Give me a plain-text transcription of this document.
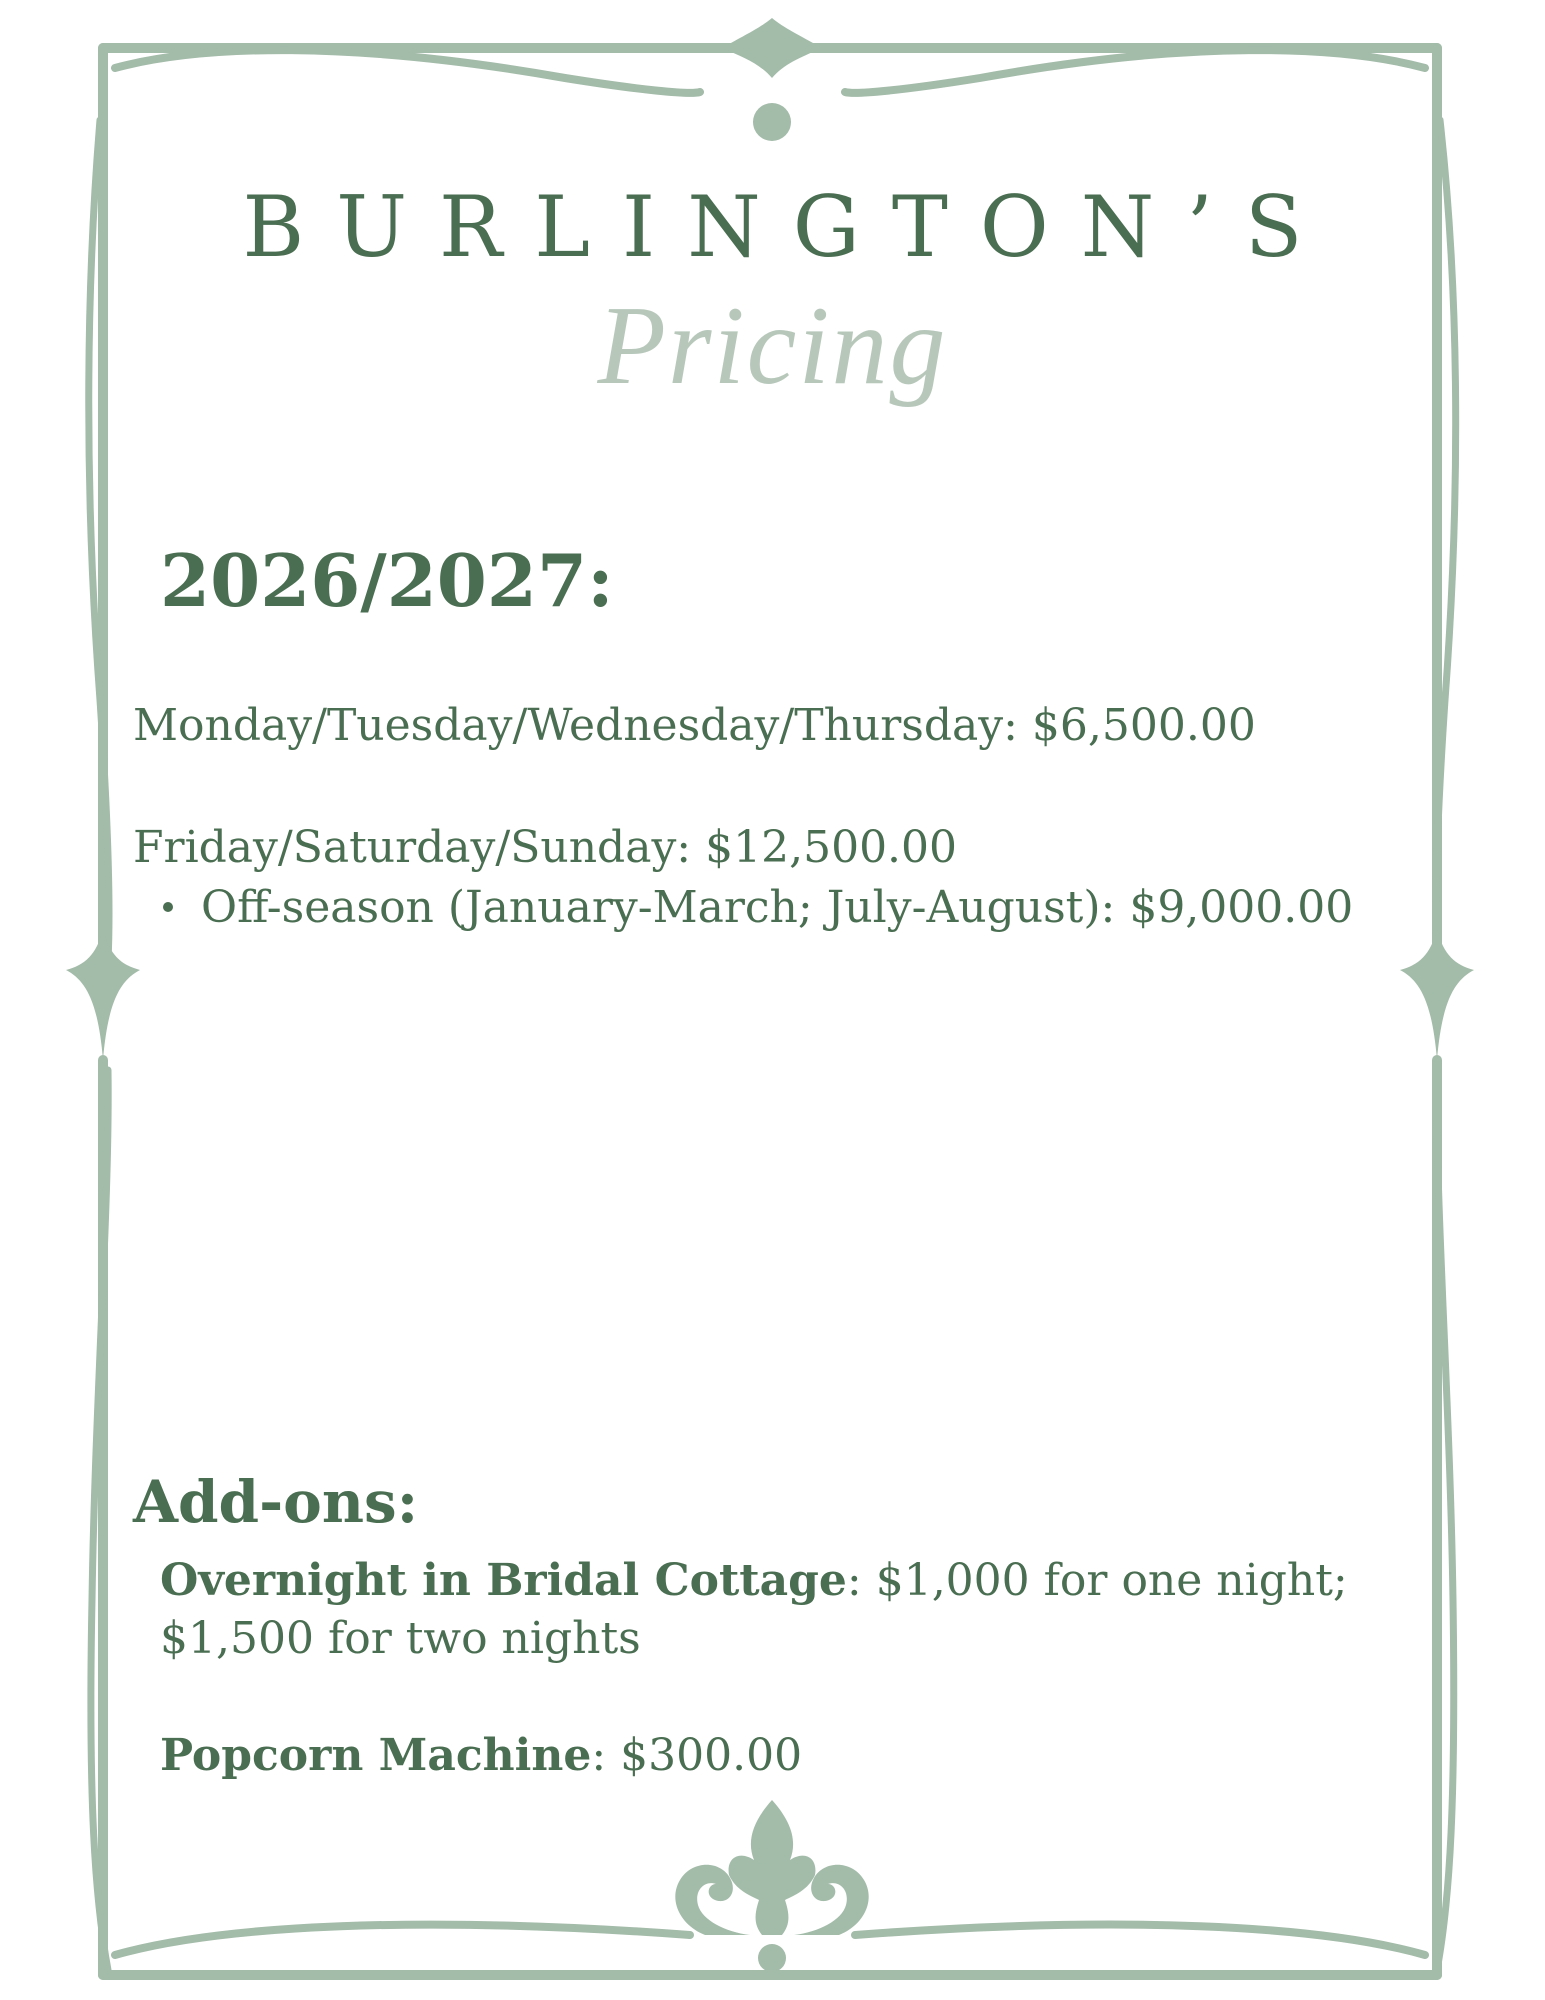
BURLINGTON’S
Pricing
2026/2027:
Monday/Tuesday/Wednesday/Thursday: $6,500.00
Friday/Saturday/Sunday: $12,500.00
Off-season (January-March; July-August): $9,000.00
Add-ons:
Overnight in Bridal Cottage: $1,000 for one night;
$1,500 for two nights
Popcorn Machine: $300.00
